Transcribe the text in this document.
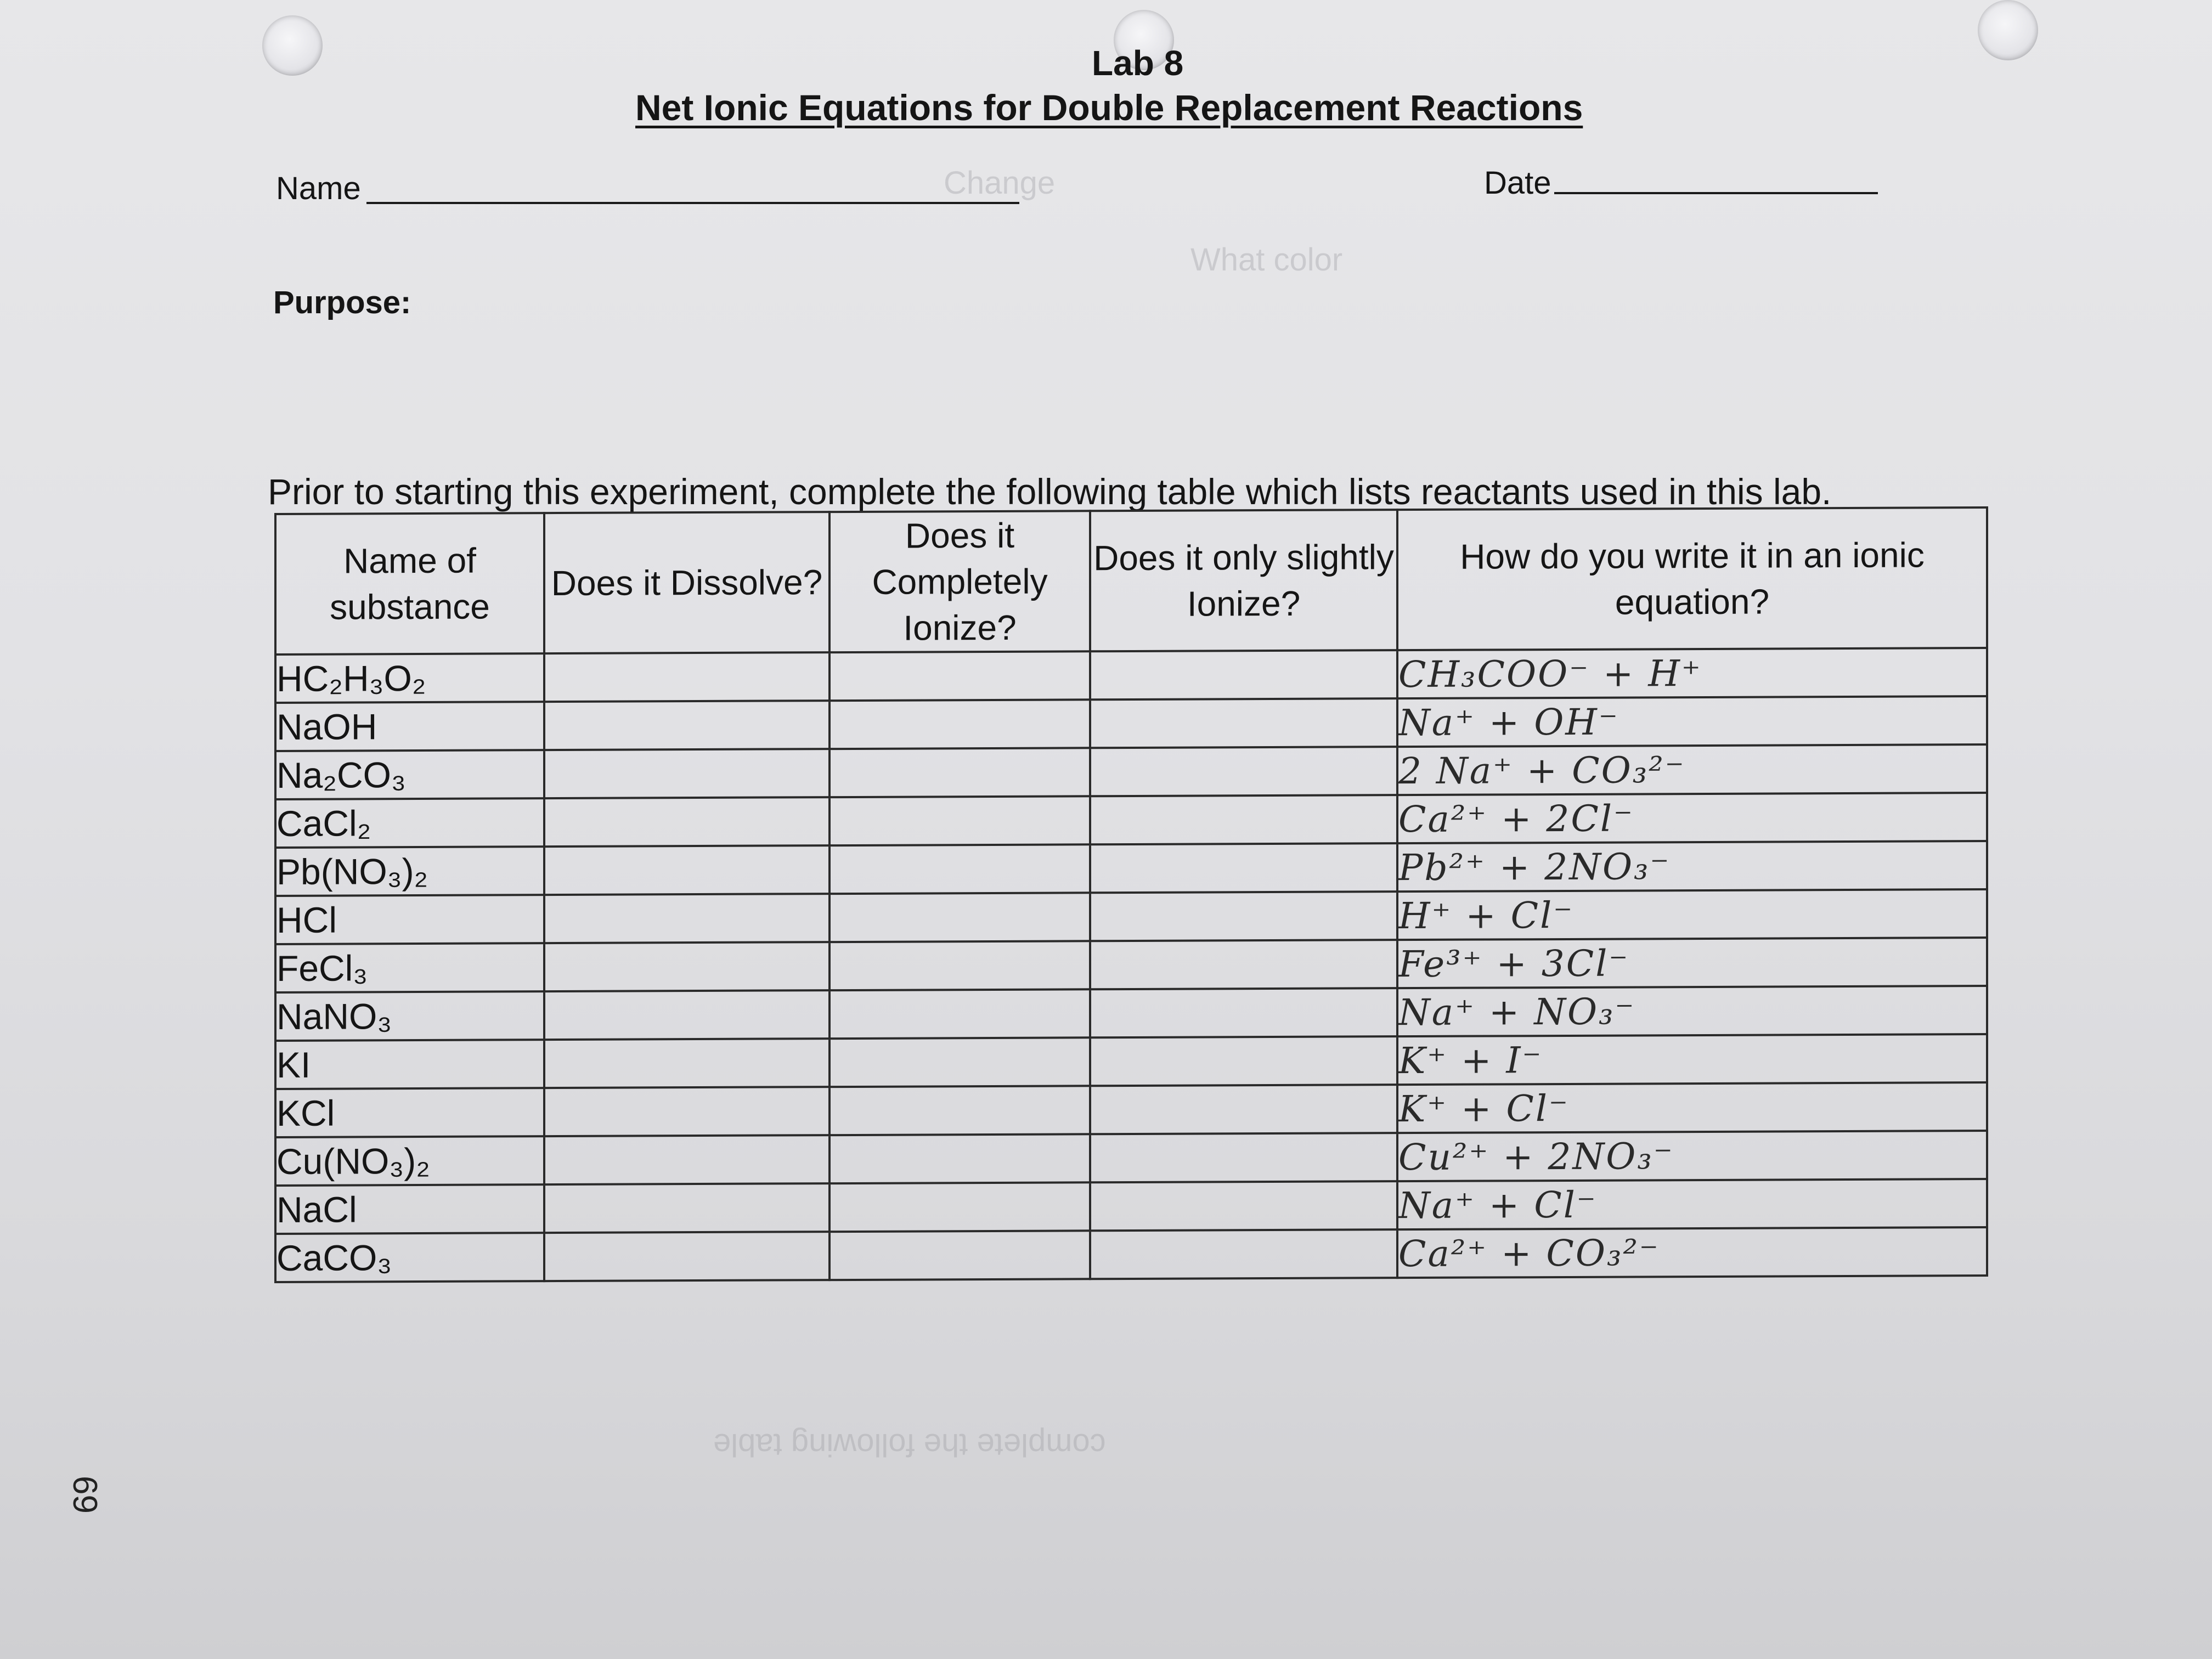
Change
What color
complete the following table
Lab 8
Net Ionic Equations for Double Replacement Reactions
Name	Date
Purpose:
Prior to starting this experiment, complete the following table which lists reactants used in this lab.
Name of substance	Does it Dissolve?	Does it Completely Ionize?	Does it only slightly Ionize?	How do you write it in an ionic equation?
HC₂H₃O₂				CH₃COO⁻ + H⁺
NaOH				Na⁺ + OH⁻
Na₂CO₃				2 Na⁺ + CO₃²⁻
CaCl₂				Ca²⁺ + 2Cl⁻
Pb(NO₃)₂				Pb²⁺ + 2NO₃⁻
HCl				H⁺ + Cl⁻
FeCl₃				Fe³⁺ + 3Cl⁻
NaNO₃				Na⁺ + NO₃⁻
KI				K⁺ + I⁻
KCl				K⁺ + Cl⁻
Cu(NO₃)₂				Cu²⁺ + 2NO₃⁻
NaCl				Na⁺ + Cl⁻
CaCO₃				Ca²⁺ + CO₃²⁻
69
